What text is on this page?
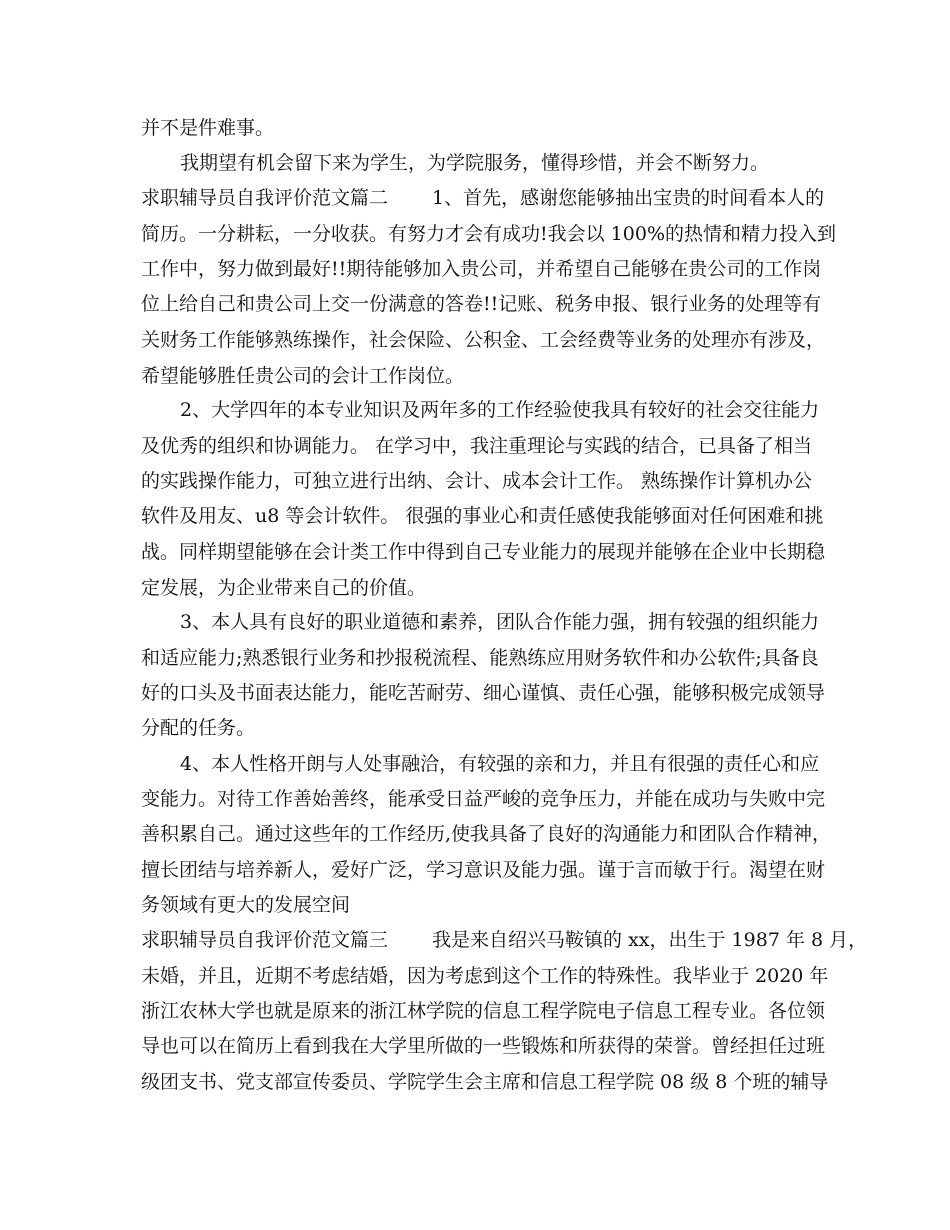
并不是件难事。
我期望有机会留下来为学生，为学院服务，懂得珍惜，并会不断努力。
求职辅导员自我评价范文篇二　　 1、首先，感谢您能够抽出宝贵的时间看本人的
简历。一分耕耘，一分收获。有努力才会有成功!我会以 100%的热情和精力投入到
工作中，努力做到最好!!期待能够加入贵公司，并希望自己能够在贵公司的工作岗
位上给自己和贵公司上交一份满意的答卷!!记账、税务申报、银行业务的处理等有
关财务工作能够熟练操作，社会保险、公积金、工会经费等业务的处理亦有涉及，
希望能够胜任贵公司的会计工作岗位。
2、大学四年的本专业知识及两年多的工作经验使我具有较好的社会交往能力
及优秀的组织和协调能力。 在学习中，我注重理论与实践的结合，已具备了相当
的实践操作能力，可独立进行出纳、会计、成本会计工作。 熟练操作计算机办公
软件及用友、u8 等会计软件。 很强的事业心和责任感使我能够面对任何困难和挑
战。同样期望能够在会计类工作中得到自己专业能力的展现并能够在企业中长期稳
定发展，为企业带来自己的价值。
3、本人具有良好的职业道德和素养，团队合作能力强，拥有较强的组织能力
和适应能力;熟悉银行业务和抄报税流程、能熟练应用财务软件和办公软件;具备良
好的口头及书面表达能力，能吃苦耐劳、细心谨慎、责任心强，能够积极完成领导
分配的任务。
4、本人性格开朗与人处事融洽，有较强的亲和力，并且有很强的责任心和应
变能力。对待工作善始善终，能承受日益严峻的竞争压力，并能在成功与失败中完
善积累自己。通过这些年的工作经历,使我具备了良好的沟通能力和团队合作精神，
擅长团结与培养新人，爱好广泛，学习意识及能力强。谨于言而敏于行。渴望在财
务领域有更大的发展空间
求职辅导员自我评价范文篇三　　 我是来自绍兴马鞍镇的 xx，出生于 1987 年 8 月，
未婚，并且，近期不考虑结婚，因为考虑到这个工作的特殊性。我毕业于 2020 年
浙江农林大学也就是原来的浙江林学院的信息工程学院电子信息工程专业。各位领
导也可以在简历上看到我在大学里所做的一些锻炼和所获得的荣誉。曾经担任过班
级团支书、党支部宣传委员、学院学生会主席和信息工程学院 08 级 8 个班的辅导
